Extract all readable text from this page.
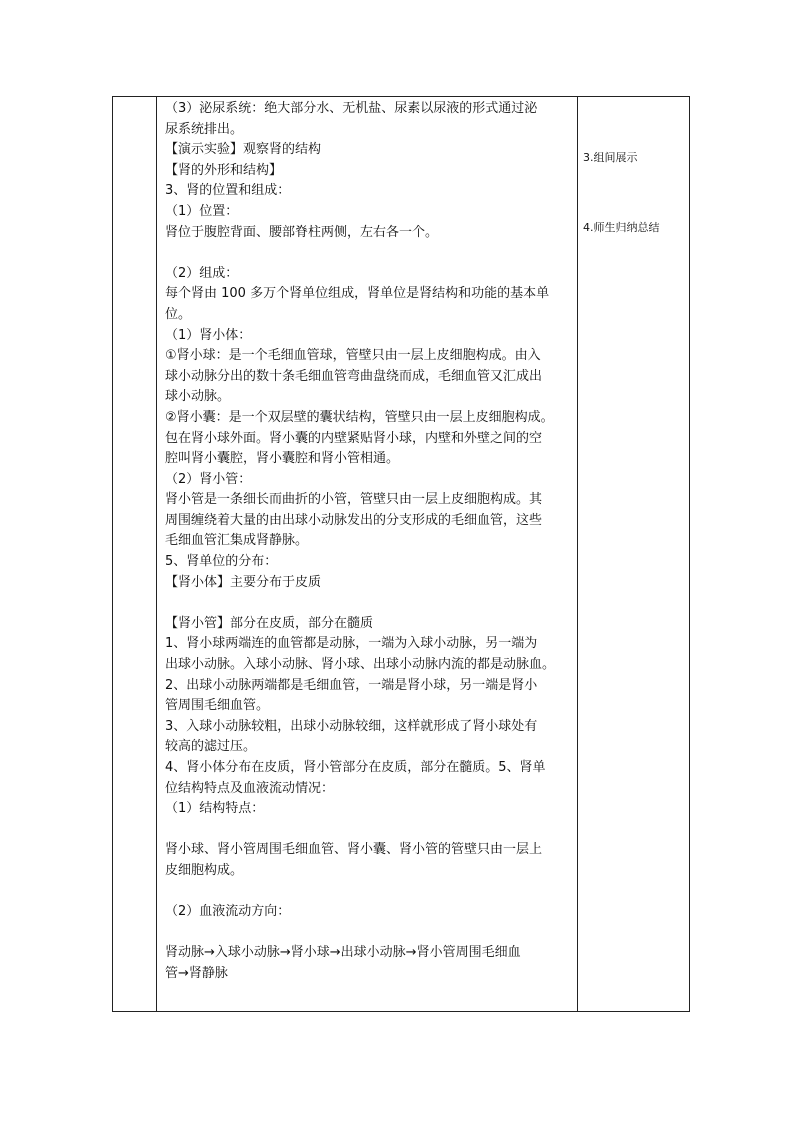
（3）泌尿系统：绝大部分水、无机盐、尿素以尿液的形式通过泌
尿系统排出。
【演示实验】观察肾的结构
【肾的外形和结构】
3、肾的位置和组成：
（1）位置：
肾位于腹腔背面、腰部脊柱两侧，左右各一个。
（2）组成：
每个肾由 100 多万个肾单位组成，肾单位是肾结构和功能的基本单
位。
（1）肾小体：
①肾小球：是一个毛细血管球，管壁只由一层上皮细胞构成。由入
球小动脉分出的数十条毛细血管弯曲盘绕而成，毛细血管又汇成出
球小动脉。
②肾小囊：是一个双层壁的囊状结构，管壁只由一层上皮细胞构成。
包在肾小球外面。肾小囊的内壁紧贴肾小球，内壁和外壁之间的空
腔叫肾小囊腔，肾小囊腔和肾小管相通。
（2）肾小管：
肾小管是一条细长而曲折的小管，管壁只由一层上皮细胞构成。其
周围缠绕着大量的由出球小动脉发出的分支形成的毛细血管，这些
毛细血管汇集成肾静脉。
5、肾单位的分布：
【肾小体】主要分布于皮质
【肾小管】部分在皮质，部分在髓质
1、肾小球两端连的血管都是动脉，一端为入球小动脉，另一端为
出球小动脉。入球小动脉、肾小球、出球小动脉内流的都是动脉血。
2、出球小动脉两端都是毛细血管，一端是肾小球，另一端是肾小
管周围毛细血管。
3、入球小动脉较粗，出球小动脉较细，这样就形成了肾小球处有
较高的滤过压。
4、肾小体分布在皮质，肾小管部分在皮质，部分在髓质。5、肾单
位结构特点及血液流动情况：
（1）结构特点：
肾小球、肾小管周围毛细血管、肾小囊、肾小管的管壁只由一层上
皮细胞构成。
（2）血液流动方向：
肾动脉→入球小动脉→肾小球→出球小动脉→肾小管周围毛细血
管→肾静脉
3.组间展示
4.师生归纳总结
